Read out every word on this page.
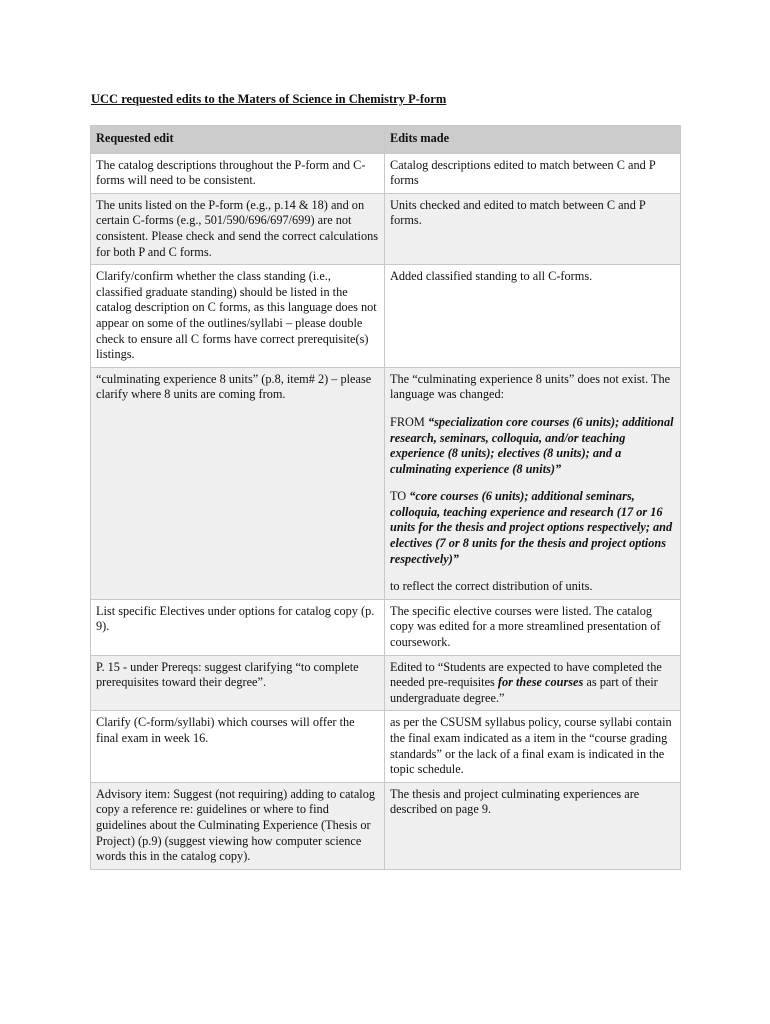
UCC requested edits to the Maters of Science in Chemistry P-form
Requested edit	Edits made
The catalog descriptions throughout the P-form and C-forms will need to be consistent.	Catalog descriptions edited to match between C and P forms
The units listed on the P-form (e.g., p.14 & 18) and on certain C-forms (e.g., 501/590/696/697/699) are not consistent. Please check and send the correct calculations for both P and C forms.	Units checked and edited to match between C and P forms.
Clarify/confirm whether the class standing (i.e., classified graduate standing) should be listed in the catalog description on C forms, as this language does not appear on some of the outlines/syllabi – please double check to ensure all C forms have correct prerequisite(s) listings.	Added classified standing to all C-forms.
“culminating experience 8 units” (p.8, item# 2) – please clarify where 8 units are coming from.	The “culminating experience 8 units” does not exist. The language was changed:
FROM “specialization core courses (6 units); additional research, seminars, colloquia, and/or teaching experience (8 units); electives (8 units); and a culminating experience (8 units)”
TO “core courses (6 units); additional seminars, colloquia, teaching experience and research (17 or 16 units for the thesis and project options respectively; and electives (7 or 8 units for the thesis and project options respectively)”
to reflect the correct distribution of units.

List specific Electives under options for catalog copy (p. 9).	The specific elective courses were listed. The catalog copy was edited for a more streamlined presentation of coursework.
P. 15 - under Prereqs: suggest clarifying “to complete prerequisites toward their degree”.	Edited to “Students are expected to have completed the needed pre-requisites for these courses as part of their undergraduate degree.”
Clarify (C-form/syllabi) which courses will offer the final exam in week 16.	as per the CSUSM syllabus policy, course syllabi contain the final exam indicated as a item in the “course grading standards” or the lack of a final exam is indicated in the topic schedule.
Advisory item: Suggest (not requiring) adding to catalog copy a reference re: guidelines or where to find guidelines about the Culminating Experience (Thesis or Project) (p.9) (suggest viewing how computer science words this in the catalog copy).	The thesis and project culminating experiences are described on page 9.
